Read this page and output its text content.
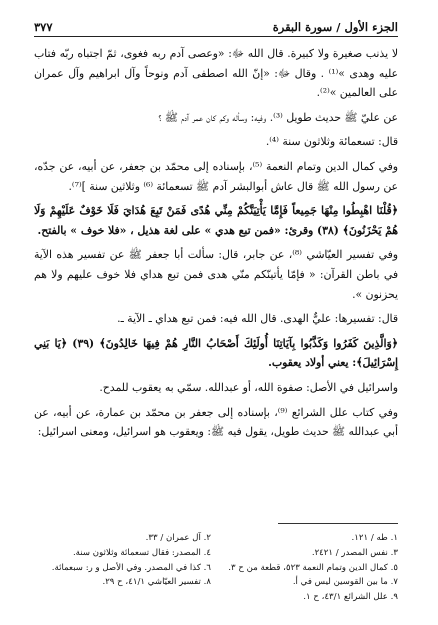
الجزء الأول / سورة البقرة
٣٧٧

لا يذنب صغيرة ولا كبيرة. قال الله ﷻ: «وعصى آدم ربه فغوى، ثمّ اجتباه ربّه فتاب عليه وهدى »⁽¹⁾ . وقال ﷻ: «إنّ الله اصطفى آدم ونوحاً وآل ابراهيم وآل عمران على العالمين »⁽²⁾.

عن عليّ ﷺ حديث طويل ⁽³⁾. وفيه: وسأله وكم كان عمر آدم ﷺ ؟

قال: تسعمائة وثلاثون سنة ⁽⁴⁾.

وفي كمال الدين وتمام النعمة ⁽⁵⁾، بإسناده إلى محمّد بن جعفر، عن أبيه، عن جدّه، عن رسول الله ﷺ قال عاش أبوالبشر آدم ﷺ تسعمائة ⁽⁶⁾ وثلاثين سنة ]⁽⁷⁾.

﴿قُلْنَا اهْبِطُوا مِنْهَا جَمِيعاً فَإِمَّا يَأْتِيَنَّكُمْ مِنِّي هُدًى فَمَنْ تَبِعَ هُدَايَ فَلَا خَوْفٌ عَلَيْهِمْ وَلَا هُمْ يَحْزَنُونَ﴾ (٣٨) وقرئ: «فمن تبع هدي » على لغة هذيل ، «فلا خوف » بالفتح.

وفي تفسير العيّاشي ⁽⁸⁾، عن جابر، قال: سألت أبا جعفر ﷺ عن تفسير هذه الآية في باطن القرآن: « فإمّا يأتينّكم منّي هدى فمن تبع هداي فلا خوف عليهم ولا هم يحزنون ».

قال: تفسيرها: عليٌّ الهدى. قال الله فيه: فمن تبع هداي ـ الآية ـ.

﴿وَالَّذِينَ كَفَرُوا وَكَذَّبُوا بِآيَاتِنَا أُولَئِكَ أَصْحَابُ النَّارِ هُمْ فِيهَا خَالِدُونَ﴾ (٣٩) ﴿يَا بَنِي إِسْرَائِيلَ﴾: يعني أولاد يعقوب.

واسرائيل في الأصل: صفوة الله، أو عبدالله. سمّي به يعقوب للمدح.

وفي كتاب علل الشرائع ⁽⁹⁾، بإسناده إلى جعفر بن محمّد بن عمارة، عن أبيه، عن أبي عبدالله ﷺ حديث طويل، يقول فيه ﷺ: ويعقوب هو اسرائيل، ومعنى اسرائيل:

١. طه / ١٢١.
٢. آل عمران / ٣٣.
٣. نفس المصدر / ٢٤٢١.
٤. المصدر: فقال تسعمائة وثلاثون سنة.
٥. كمال الدين وتمام النعمة ٥٢٣، قطعة من ح ٣.
٦. كذا في المصدر. وفي الأصل و ر: سبعمائة.
٧. ما بين القوسين ليس في أ.
٨. تفسير العيّاشي ٤١/١، ح ٢٩.
٩. علل الشرائع ٤٣/١، ح ١.
